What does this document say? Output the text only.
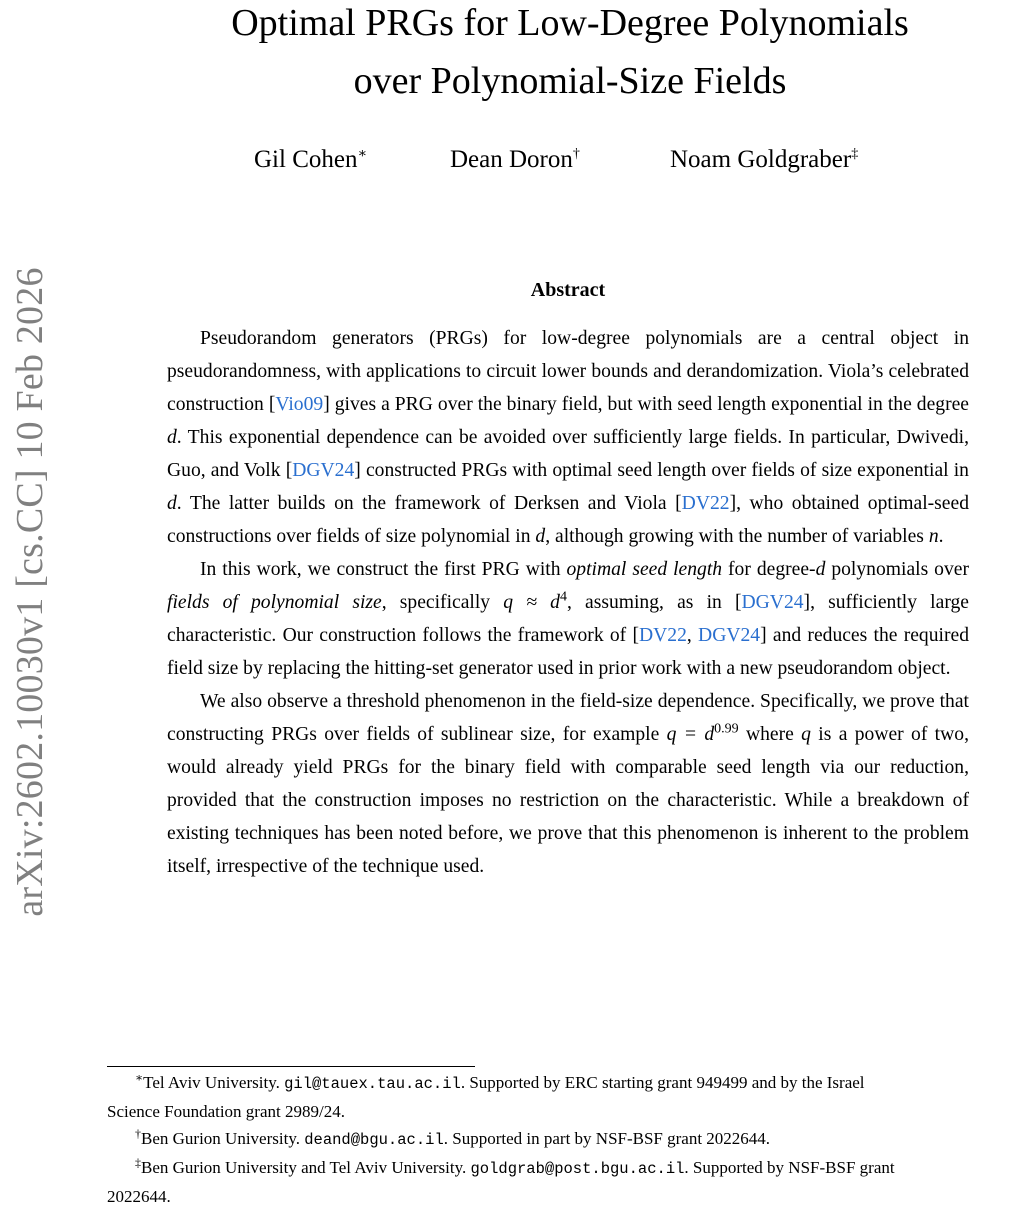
arXiv:2602.10030v1 [cs.CC] 10 Feb 2026
Optimal PRGs for Low-Degree Polynomials
over Polynomial-Size Fields
Gil Cohen∗	Dean Doron†	Noam Goldgraber‡
Abstract

Pseudorandom generators (PRGs) for low-degree polynomials are a central object in pseudorandomness, with applications to circuit lower bounds and derandomization. Viola’s celebrated construction [Vio09] gives a PRG over the binary field, but with seed length exponential in the degree d. This exponential dependence can be avoided over sufficiently large fields. In particular, Dwivedi, Guo, and Volk [DGV24] constructed PRGs with optimal seed length over fields of size exponential in d. The latter builds on the framework of Derksen and Viola [DV22], who obtained optimal-seed constructions over fields of size polynomial in d, although growing with the number of variables n.

In this work, we construct the first PRG with optimal seed length for degree-d polynomials over fields of polynomial size, specifically $q \approx d^4$, assuming, as in [DGV24], sufficiently large characteristic. Our construction follows the framework of [DV22, DGV24] and reduces the required field size by replacing the hitting-set generator used in prior work with a new pseudorandom object.

We also observe a threshold phenomenon in the field-size dependence. Specifically, we prove that constructing PRGs over fields of sublinear size, for example $q = d^{0.99}$ where q is a power of two, would already yield PRGs for the binary field with comparable seed length via our reduction, provided that the construction imposes no restriction on the characteristic. While a breakdown of existing techniques has been noted before, we prove that this phenomenon is inherent to the problem itself, irrespective of the technique used.

∗Tel Aviv University. gil@tauex.tau.ac.il. Supported by ERC starting grant 949499 and by the Israel
Science Foundation grant 2989/24.
†Ben Gurion University. deand@bgu.ac.il. Supported in part by NSF-BSF grant 2022644.
‡Ben Gurion University and Tel Aviv University. goldgrab@post.bgu.ac.il. Supported by NSF-BSF grant
2022644.
